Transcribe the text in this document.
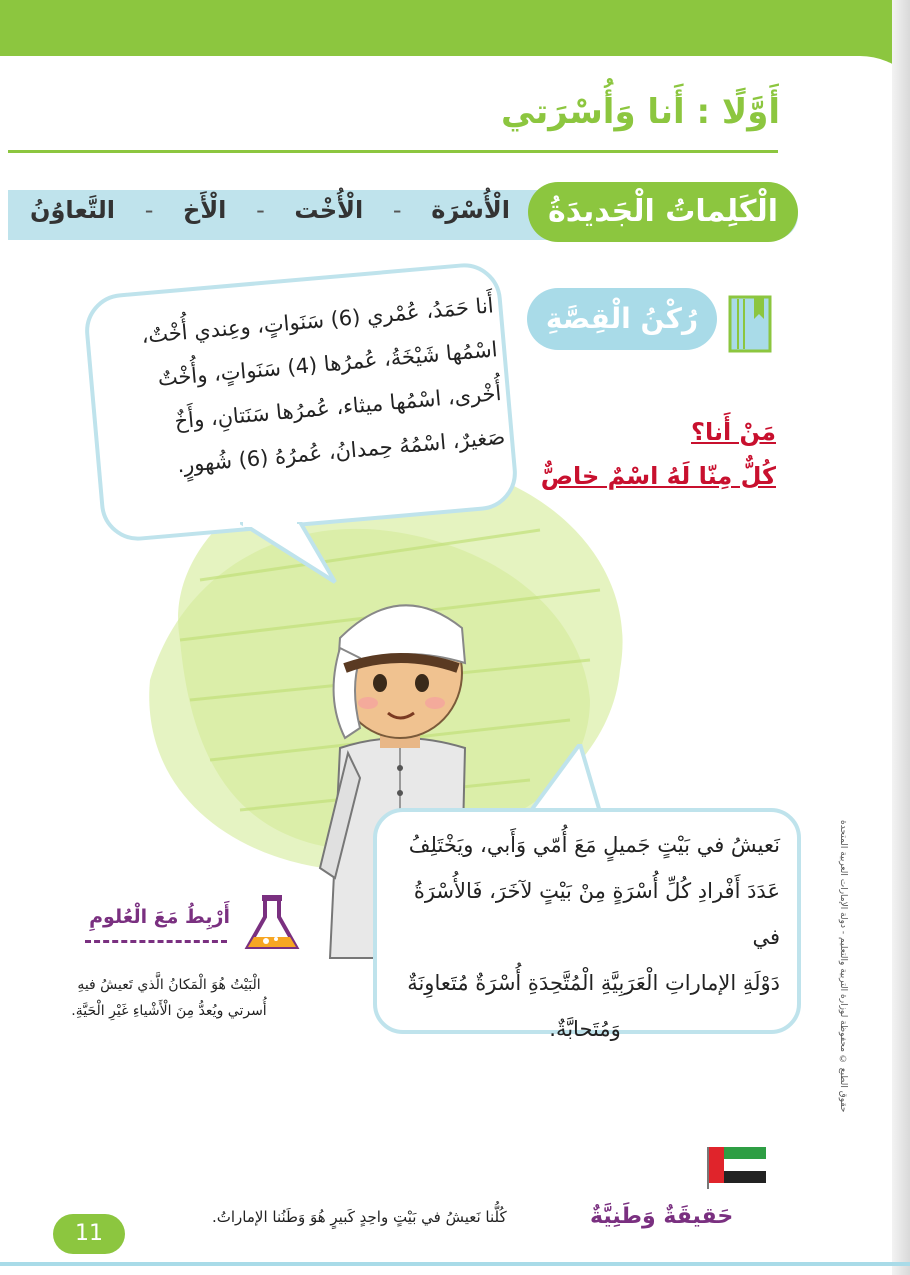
أَوَّلًا : أَنا وَأُسْرَتي
الْكَلِماتُ الْجَديدَةُ
الْأُسْرَة
-
الْأُخْت
-
الْأَخ
-
التَّعاوُنُ
رُكْنُ الْقِصَّةِ
مَنْ أَنا؟
كُلٌّ مِنّا لَهُ اسْمٌ خاصٌّ
أَنا حَمَدُ، عُمْري (6) سَنَواتٍ، وعِندي أُخْتٌ،
اسْمُها شَيْخَةُ، عُمرُها (4) سَنَواتٍ، وأُخْتٌ
أُخْرى، اسْمُها ميثاء، عُمرُها سَنَتانِ، وأَخٌ
صَغيرٌ، اسْمُهُ حِمدانُ، عُمرُهُ (6) شُهورٍ.
نَعيشُ في بَيْتٍ جَميلٍ مَعَ أُمّي وَأَبي، ويَخْتَلِفُ
عَدَدَ أَفْرادِ كُلِّ أُسْرَةٍ مِنْ بَيْتٍ لآخَرَ، فَالأُسْرَةُ في
دَوْلَةِ الإماراتِ الْعَرَبِيَّةِ الْمُتَّحِدَةِ أُسْرَةٌ مُتَعاوِنَةٌ
وَمُتَحابَّةٌ.
أَرْبِطُ مَعَ الْعُلومِ
الْبَيْتُ هُوَ الْمَكانُ الَّذي تَعيشُ فيهِ أُسرتي ويُعدُّ مِنَ الْأَشْياءِ غَيْرِ الْحَيَّةِ.	حقوق الطبع © محفوظة لوزارة التربية والتعليم - دولة الإمارات العربية المتحدة
حَقيقَةٌ وَطَنِيَّةٌ
كُلُّنا نَعيشُ في بَيْتٍ واحِدٍ كَبيرٍ هُوَ وَطَنُنا الإماراتُ.
11
